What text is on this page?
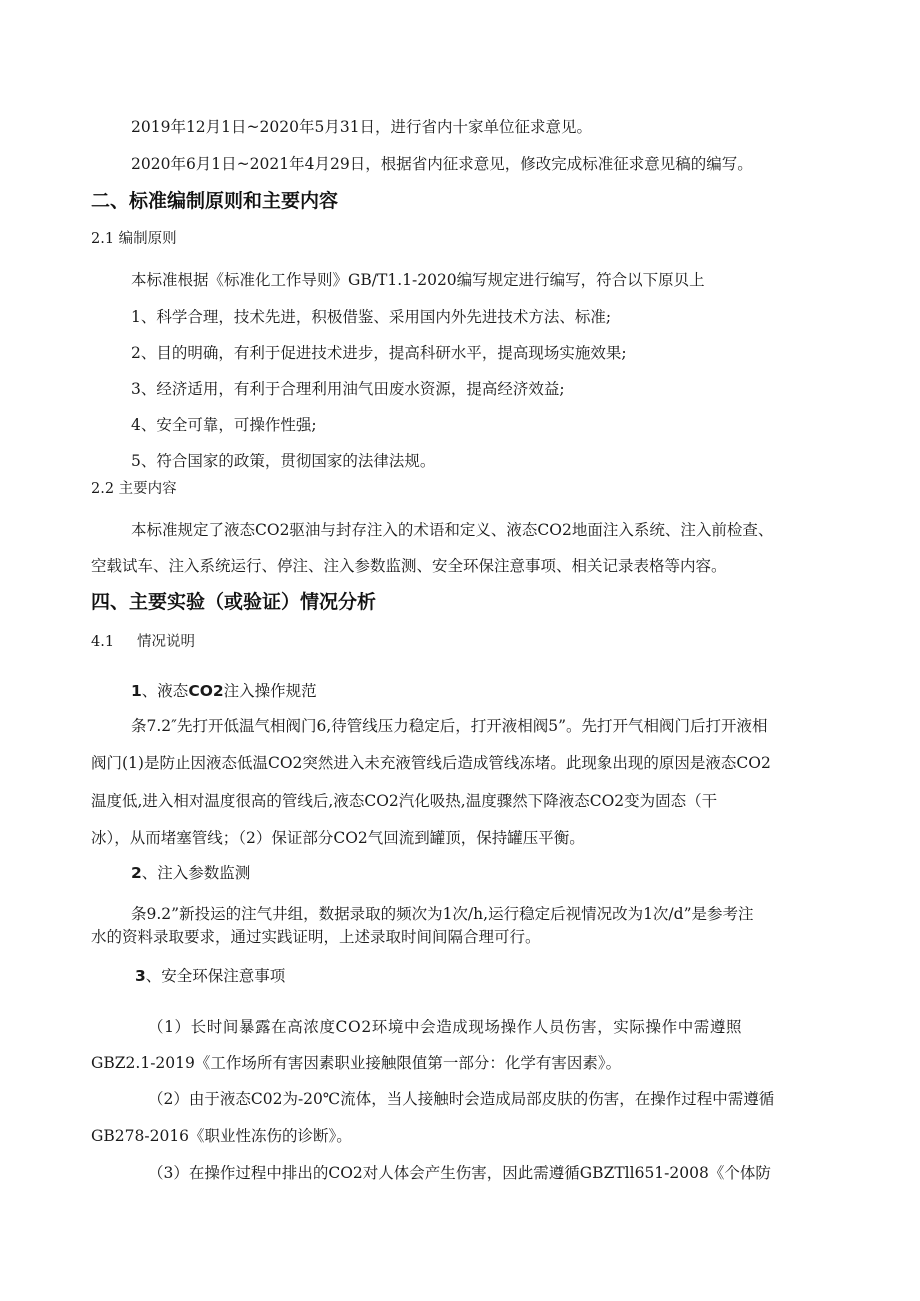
2019年12月1日~2020年5月31日，进行省内十家单位征求意见。
2020年6月1日~2021年4月29日，根据省内征求意见，修改完成标准征求意见稿的编写。
二、标准编制原则和主要内容
2.1 编制原则
本标准根据《标准化工作导则》GB/T1.1-2020编写规定进行编写，符合以下原贝上
1、科学合理，技术先进，积极借鉴、采用国内外先进技术方法、标准;
2、目的明确，有利于促进技术进步，提高科研水平，提高现场实施效果;
3、经济适用，有利于合理利用油气田废水资源，提高经济效益;
4、安全可靠，可操作性强;
5、符合国家的政策，贯彻国家的法律法规。
2.2 主要内容
本标准规定了液态CO2驱油与封存注入的术语和定义、液态CO2地面注入系统、注入前检查、
空载试车、注入系统运行、停注、注入参数监测、安全环保注意事项、相关记录表格等内容。
四、主要实验（或验证）情况分析
4.1 情况说明
1、液态CO2注入操作规范
条7.2″先打开低温气相阀门6,待管线压力稳定后，打开液相阀5”。先打开气相阀门后打开液相
阀门(1)是防止因液态低温CO2突然进入未充液管线后造成管线冻堵。此现象出现的原因是液态CO2
温度低,进入相对温度很高的管线后,液态CO2汽化吸热,温度骤然下降液态CO2变为固态（干
冰），从而堵塞管线；（2）保证部分CO2气回流到罐顶，保持罐压平衡。
2、注入参数监测
条9.2”新投运的注气井组，数据录取的频次为1次/h,运行稳定后视情况改为1次/d”是参考注
水的资料录取要求，通过实践证明，上述录取时间间隔合理可行。
3、安全环保注意事项
（1）长时间暴露在高浓度CO2环境中会造成现场操作人员伤害，实际操作中需遵照
GBZ2.1-2019《工作场所有害因素职业接触限值第一部分：化学有害因素》。
（2）由于液态C02为-20℃流体，当人接触时会造成局部皮肤的伤害，在操作过程中需遵循
GB278-2016《职业性冻伤的诊断》。
（3）在操作过程中排出的CO2对人体会产生伤害，因此需遵循GBZTll651-2008《个体防
